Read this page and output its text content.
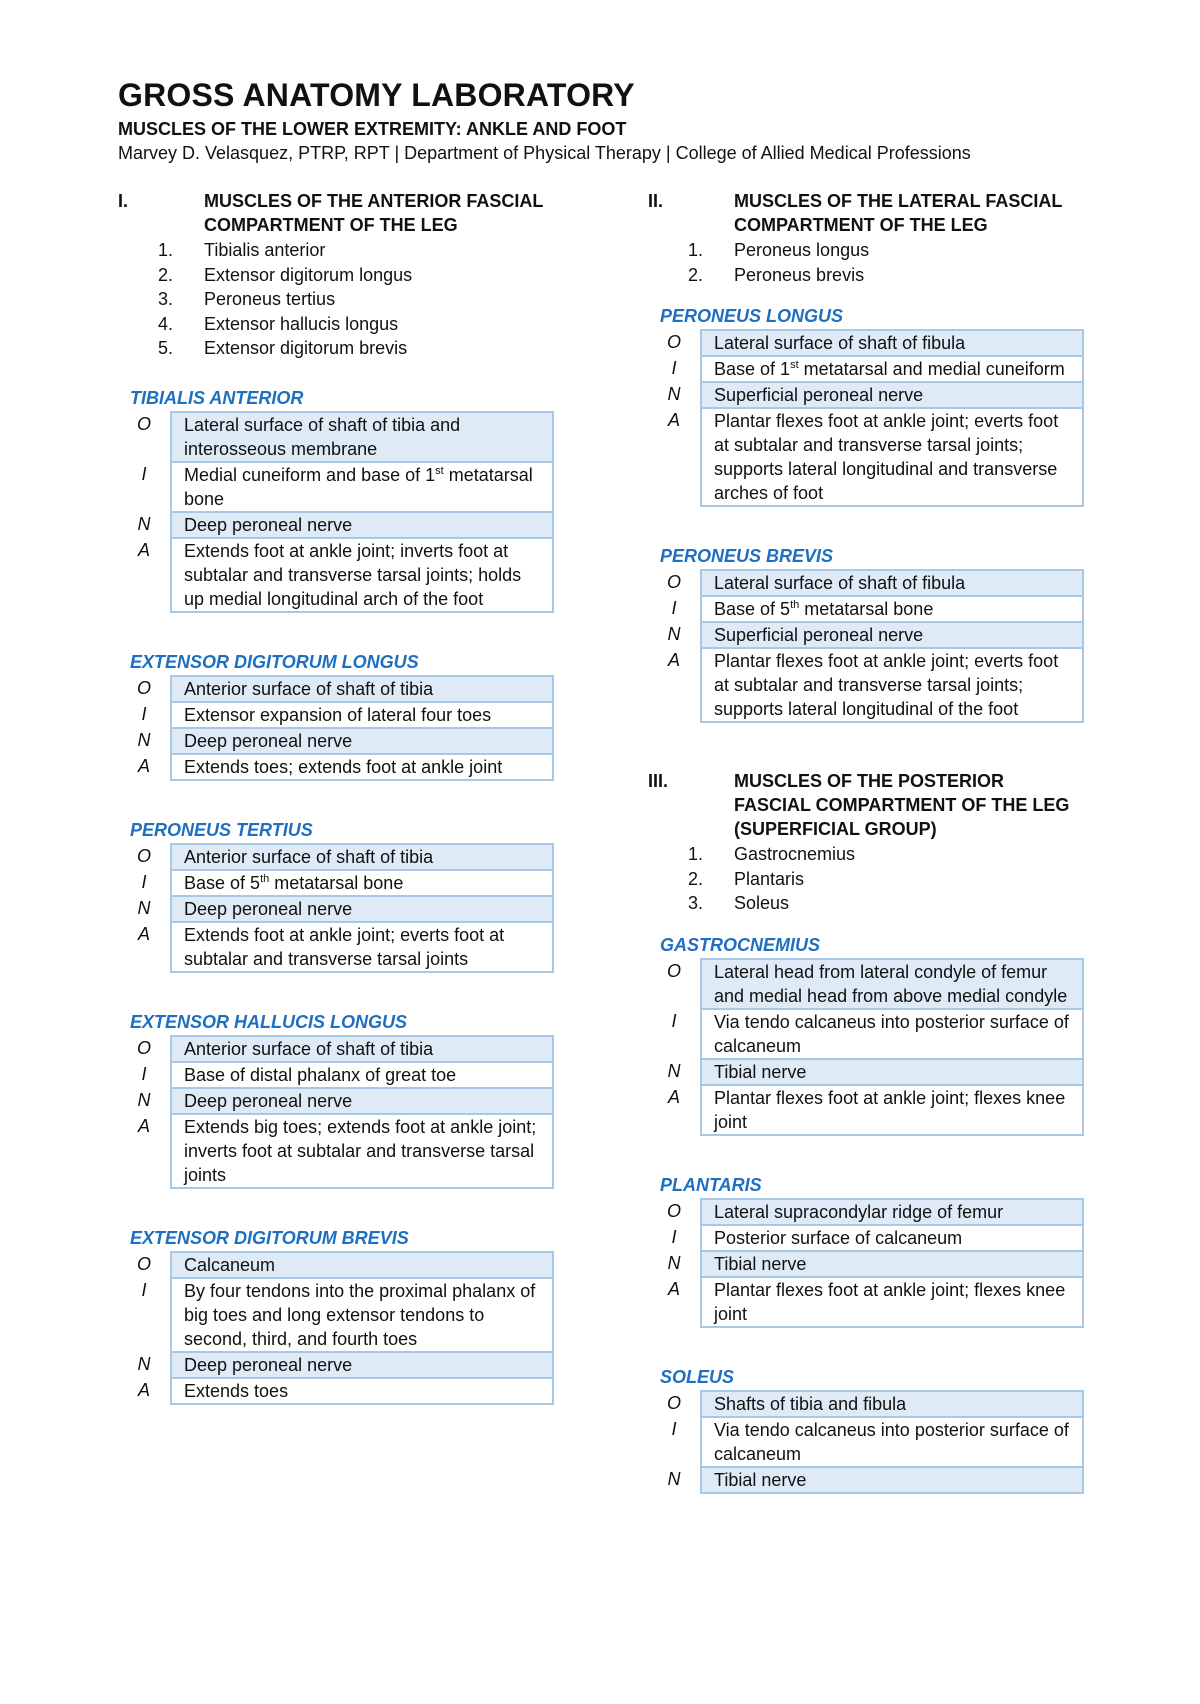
GROSS ANATOMY LABORATORY
MUSCLES OF THE LOWER EXTREMITY: ANKLE AND FOOT
Marvey D. Velasquez, PTRP, RPT | Department of Physical Therapy | College of Allied Medical Professions
I.	MUSCLES OF THE ANTERIOR FASCIAL COMPARTMENT OF THE LEG
1.	Tibialis anterior
2.	Extensor digitorum longus
3.	Peroneus tertius
4.	Extensor hallucis longus
5.	Extensor digitorum brevis
TIBIALIS ANTERIOR
O	Lateral surface of shaft of tibia and interosseous membrane
I	Medial cuneiform and base of 1st metatarsal bone
N	Deep peroneal nerve
A	Extends foot at ankle joint; inverts foot at subtalar and transverse tarsal joints; holds up medial longitudinal arch of the foot
EXTENSOR DIGITORUM LONGUS
O	Anterior surface of shaft of tibia
I	Extensor expansion of lateral four toes
N	Deep peroneal nerve
A	Extends toes; extends foot at ankle joint
PERONEUS TERTIUS
O	Anterior surface of shaft of tibia
I	Base of 5th metatarsal bone
N	Deep peroneal nerve
A	Extends foot at ankle joint; everts foot at subtalar and transverse tarsal joints
EXTENSOR HALLUCIS LONGUS
O	Anterior surface of shaft of tibia
I	Base of distal phalanx of great toe
N	Deep peroneal nerve
A	Extends big toes; extends foot at ankle joint; inverts foot at subtalar and transverse tarsal joints
EXTENSOR DIGITORUM BREVIS
O	Calcaneum
I	By four tendons into the proximal phalanx of big toes and long extensor tendons to second, third, and fourth toes
N	Deep peroneal nerve
A	Extends toes
II.	MUSCLES OF THE LATERAL FASCIAL COMPARTMENT OF THE LEG
1.	Peroneus longus
2.	Peroneus brevis
PERONEUS LONGUS
O	Lateral surface of shaft of fibula
I	Base of 1st metatarsal and medial cuneiform
N	Superficial peroneal nerve
A	Plantar flexes foot at ankle joint; everts foot at subtalar and transverse tarsal joints; supports lateral longitudinal and transverse arches of foot
PERONEUS BREVIS
O	Lateral surface of shaft of fibula
I	Base of 5th metatarsal bone
N	Superficial peroneal nerve
A	Plantar flexes foot at ankle joint; everts foot at subtalar and transverse tarsal joints; supports lateral longitudinal of the foot
III.	MUSCLES OF THE POSTERIOR FASCIAL COMPARTMENT OF THE LEG (SUPERFICIAL GROUP)
1.	Gastrocnemius
2.	Plantaris
3.	Soleus
GASTROCNEMIUS
O	Lateral head from lateral condyle of femur and medial head from above medial condyle
I	Via tendo calcaneus into posterior surface of calcaneum
N	Tibial nerve
A	Plantar flexes foot at ankle joint; flexes knee joint
PLANTARIS
O	Lateral supracondylar ridge of femur
I	Posterior surface of calcaneum
N	Tibial nerve
A	Plantar flexes foot at ankle joint; flexes knee joint
SOLEUS
O	Shafts of tibia and fibula
I	Via tendo calcaneus into posterior surface of calcaneum
N	Tibial nerve
